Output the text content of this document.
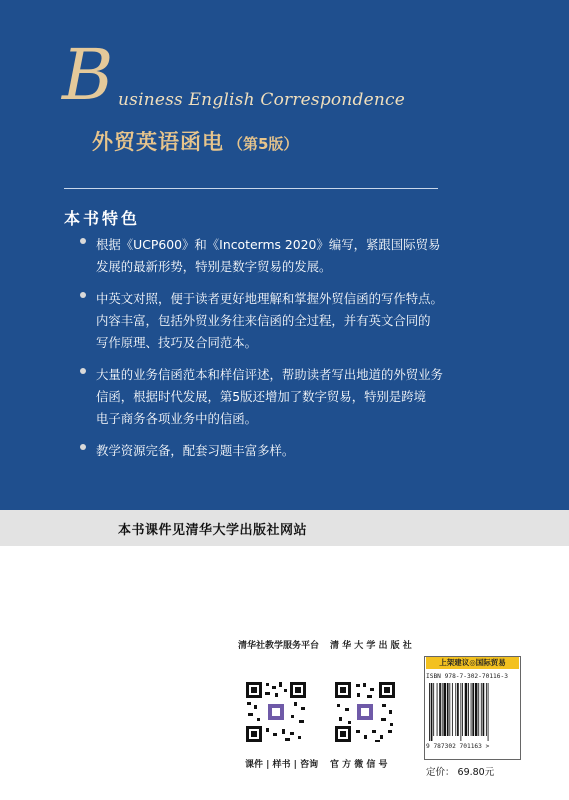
B usiness English Correspondence
外贸英语函电 （第5版）
本书特色
根据《UCP600》和《Incoterms 2020》编写，紧跟国际贸易
发展的最新形势，特别是数字贸易的发展。
中英文对照，便于读者更好地理解和掌握外贸信函的写作特点。
内容丰富，包括外贸业务往来信函的全过程，并有英文合同的
写作原理、技巧及合同范本。
大量的业务信函范本和样信评述，帮助读者写出地道的外贸业务
信函，根据时代发展，第5版还增加了数字贸易，特别是跨境
电子商务各项业务中的信函。
教学资源完备，配套习题丰富多样。
本书课件见清华大学出版社网站
清华社教学服务平台
课件 | 样书 | 咨询
清 华 大 学 出 版 社
官 方 微 信 号
上架建议◎国际贸易
ISBN 978-7-302-70116-3
9 787302 701163 >
定价： 69.80元
